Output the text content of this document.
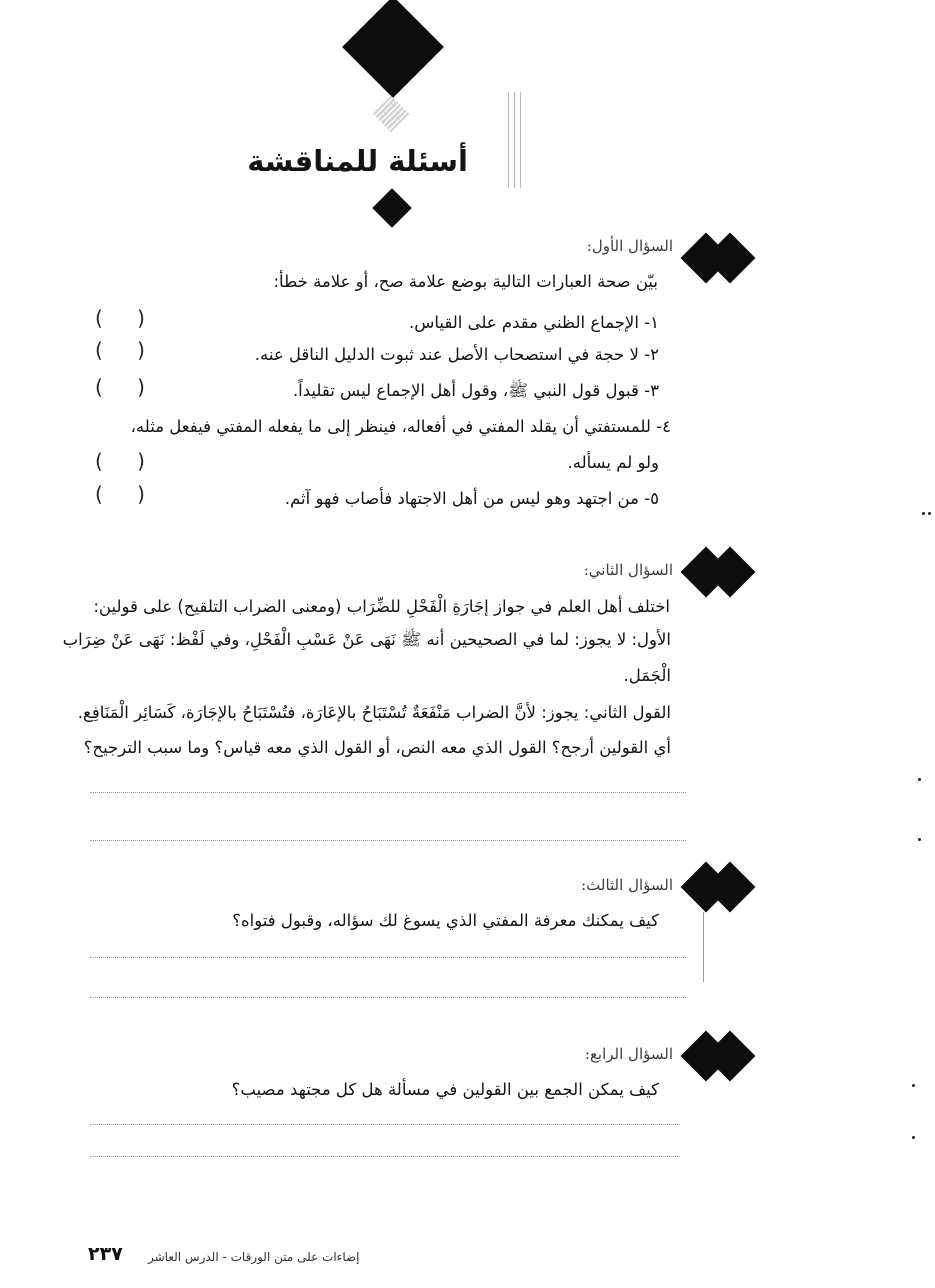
أسئلة للمناقشة
السؤال الأول:
بيّن صحة العبارات التالية بوضع علامة صح، أو علامة خطأ:
١- الإجماع الظني مقدم على القياس.
٢- لا حجة في استصحاب الأصل عند ثبوت الدليل الناقل عنه.
٣- قبول قول النبي ﷺ، وقول أهل الإجماع ليس تقليداً.
٤- للمستفتي أن يقلد المفتي في أفعاله، فينظر إلى ما يفعله المفتي فيفعل مثله،
ولو لم يسأله.
٥- من اجتهد وهو ليس من أهل الاجتهاد فأصاب فهو آثم.
( )
( )
( )
( )
( )
السؤال الثاني:
اختلف أهل العلم في جواز إجَارَةِ الْفَحْلِ للضِّرَاب (ومعنى الضراب التلقيح) على قولين:
الأول: لا يجوز: لما في الصحيحين أنه ﷺ نَهَى عَنْ عَسْبِ الْفَحْلِ، وفي لَفْظ: نَهَى عَنْ ضِرَاب
الْجَمَل.
القول الثاني: يجوز: لأنَّ الضراب مَنْفَعَةٌ تُسْتَبَاحُ بالإعَارَة، فتُسْتَبَاحُ بالإجَارَة، كَسَائِر الْمَنَافِع.
أي القولين أرجح؟ القول الذي معه النص، أو القول الذي معه قياس؟ وما سبب الترجيح؟
السؤال الثالث:
كيف يمكنك معرفة المفتي الذي يسوغ لك سؤاله، وقبول فتواه؟
السؤال الرابع:
كيف يمكن الجمع بين القولين في مسألة هل كل مجتهد مصيب؟
٢٣٧ إضاءات على متن الورقات - الدرس العاشر
